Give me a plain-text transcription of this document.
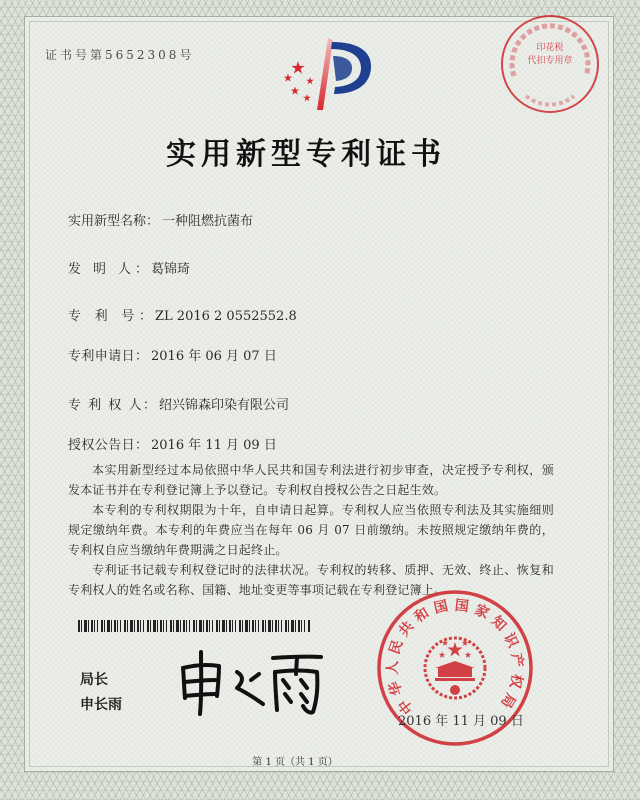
证书号第5652308号	印花税
代扣专用章
实用新型专利证书
实用新型名称： 一种阻燃抗菌布
发 明 人： 葛锦琦
专 利 号： ZL 2016 2 0552552.8
专利申请日： 2016 年 06 月 07 日
专 利 权 人： 绍兴锦森印染有限公司
授权公告日： 2016 年 11 月 09 日

本实用新型经过本局依照中华人民共和国专利法进行初步审查，决定授予专利权，颁发本证书并在专利登记簿上予以登记。专利权自授权公告之日起生效。

本专利的专利权期限为十年，自申请日起算。专利权人应当依照专利法及其实施细则规定缴纳年费。本专利的年费应当在每年 06 月 07 日前缴纳。未按照规定缴纳年费的，专利权自应当缴纳年费期满之日起终止。

专利证书记载专利权登记时的法律状况。专利权的转移、质押、无效、终止、恢复和专利权人的姓名或名称、国籍、地址变更等事项记载在专利登记簿上。

局长
申长雨	中华人民共和国国家知识产权局
2016 年 11 月 09 日
第 1 页（共 1 页）
